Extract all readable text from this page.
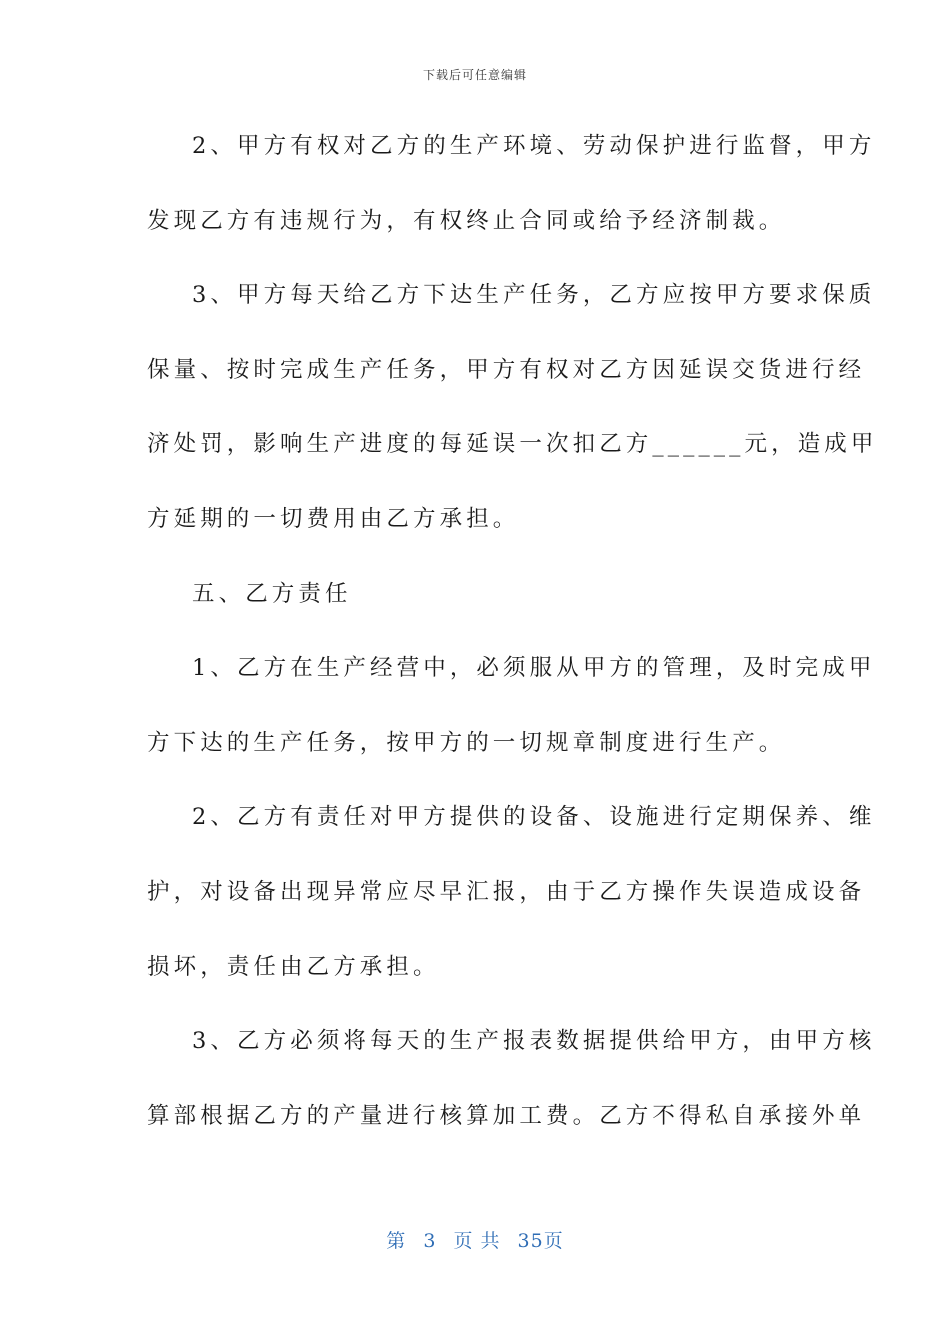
下载后可任意编辑
2、甲方有权对乙方的生产环境、劳动保护进行监督，甲方
发现乙方有违规行为，有权终止合同或给予经济制裁。
3、甲方每天给乙方下达生产任务，乙方应按甲方要求保质
保量、按时完成生产任务，甲方有权对乙方因延误交货进行经
济处罚，影响生产进度的每延误一次扣乙方______元，造成甲
方延期的一切费用由乙方承担。
五、乙方责任
1、乙方在生产经营中，必须服从甲方的管理，及时完成甲
方下达的生产任务，按甲方的一切规章制度进行生产。
2、乙方有责任对甲方提供的设备、设施进行定期保养、维
护，对设备出现异常应尽早汇报，由于乙方操作失误造成设备
损坏，责任由乙方承担。
3、乙方必须将每天的生产报表数据提供给甲方，由甲方核
算部根据乙方的产量进行核算加工费。乙方不得私自承接外单
第 3 页 共 35页
